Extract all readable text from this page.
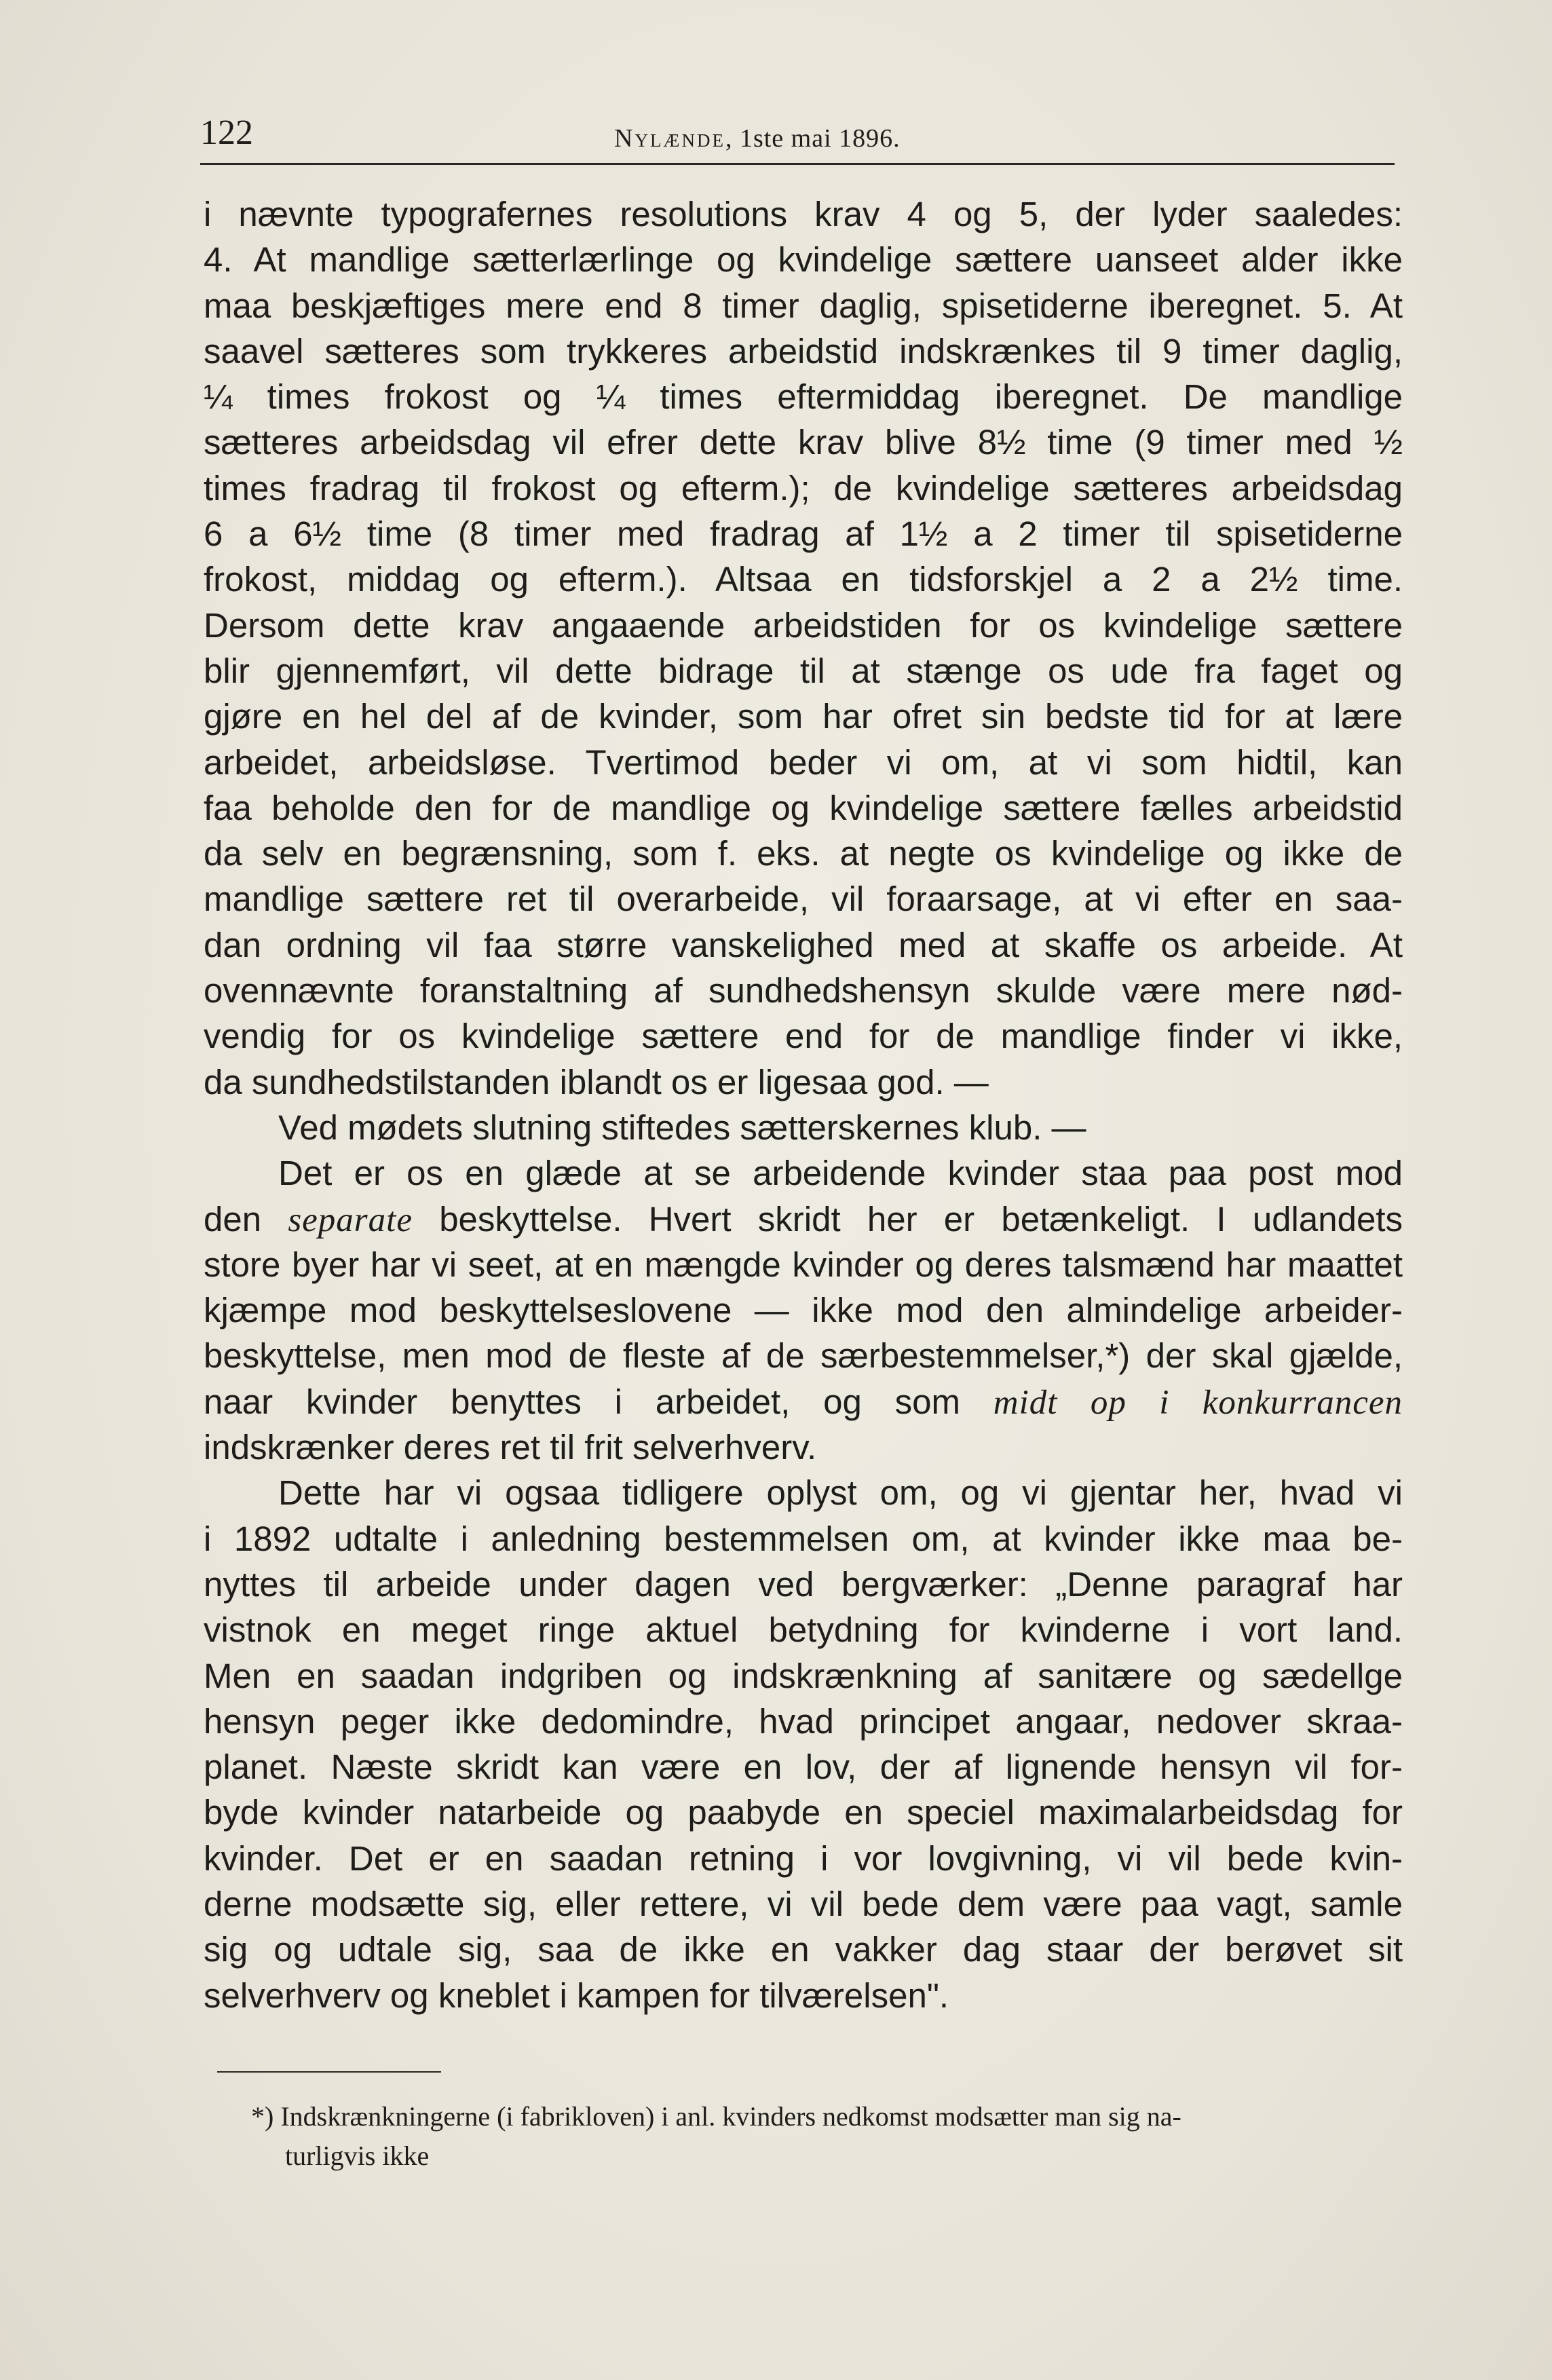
122	Nylænde, 1ste mai 1896.
i nævnte typografernes resolutions krav 4 og 5, der lyder saaledes:
4. At mandlige sætterlærlinge og kvindelige sættere uanseet alder ikke
maa beskjæftiges mere end 8 timer daglig, spisetiderne iberegnet. 5. At
saavel sætteres som trykkeres arbeidstid indskrænkes til 9 timer daglig,
¼ times frokost og ¼ times eftermiddag iberegnet. De mandlige
sætteres arbeidsdag vil efrer dette krav blive 8½ time (9 timer med ½
times fradrag til frokost og efterm.); de kvindelige sætteres arbeidsdag
6 a 6½ time (8 timer med fradrag af 1½ a 2 timer til spisetiderne
frokost, middag og efterm.). Altsaa en tidsforskjel a 2 a 2½ time.
Dersom dette krav angaaende arbeidstiden for os kvindelige sættere
blir gjennemført, vil dette bidrage til at stænge os ude fra faget og
gjøre en hel del af de kvinder, som har ofret sin bedste tid for at lære
arbeidet, arbeidsløse. Tvertimod beder vi om, at vi som hidtil, kan
faa beholde den for de mandlige og kvindelige sættere fælles arbeidstid
da selv en begrænsning, som f. eks. at negte os kvindelige og ikke de
mandlige sættere ret til overarbeide, vil foraarsage, at vi efter en saa-
dan ordning vil faa større vanskelighed med at skaffe os arbeide. At
ovennævnte foranstaltning af sundhedshensyn skulde være mere nød-
vendig for os kvindelige sættere end for de mandlige finder vi ikke,
da sundhedstilstanden iblandt os er ligesaa god. —
Ved mødets slutning stiftedes sætterskernes klub. —
Det er os en glæde at se arbeidende kvinder staa paa post mod
den separate beskyttelse. Hvert skridt her er betænkeligt. I udlandets
store byer har vi seet, at en mængde kvinder og deres talsmænd har maattet
kjæmpe mod beskyttelseslovene — ikke mod den almindelige arbeider-
beskyttelse, men mod de fleste af de særbestemmelser,*) der skal gjælde,
naar kvinder benyttes i arbeidet, og som midt op i konkurrancen
indskrænker deres ret til frit selverhverv.
Dette har vi ogsaa tidligere oplyst om, og vi gjentar her, hvad vi
i 1892 udtalte i anledning bestemmelsen om, at kvinder ikke maa be-
nyttes til arbeide under dagen ved bergværker: „Denne paragraf har
vistnok en meget ringe aktuel betydning for kvinderne i vort land.
Men en saadan indgriben og indskrænkning af sanitære og sædellge
hensyn peger ikke dedomindre, hvad principet angaar, nedover skraa-
planet. Næste skridt kan være en lov, der af lignende hensyn vil for-
byde kvinder natarbeide og paabyde en speciel maximalarbeidsdag for
kvinder. Det er en saadan retning i vor lovgivning, vi vil bede kvin-
derne modsætte sig, eller rettere, vi vil bede dem være paa vagt, samle
sig og udtale sig, saa de ikke en vakker dag staar der berøvet sit
selverhverv og kneblet i kampen for tilværelsen".
*) Indskrænkningerne (i fabrikloven) i anl. kvinders nedkomst modsætter man sig na-
turligvis ikke
